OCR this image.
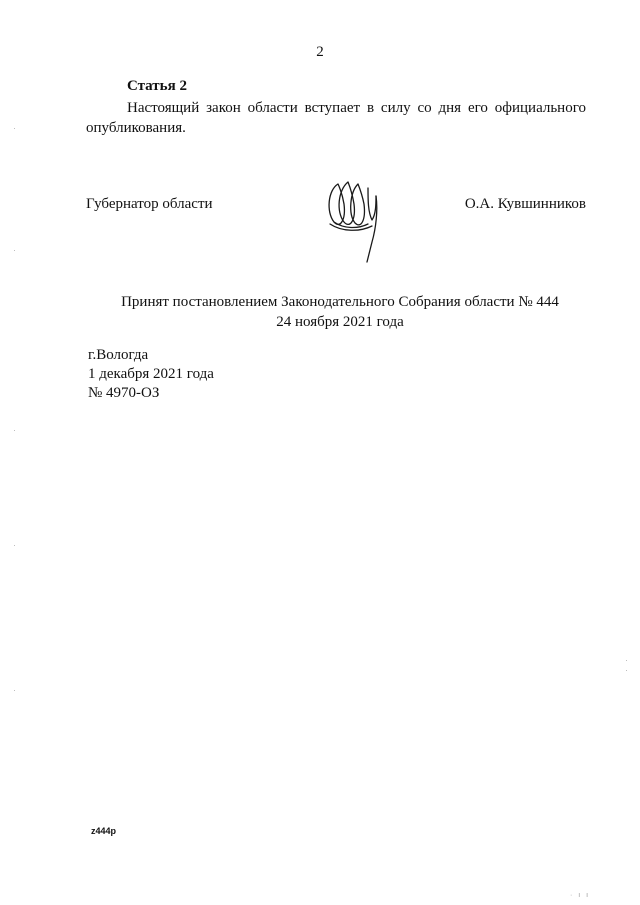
2
Статья 2

Настоящий закон области вступает в силу со дня его официального опубликования.

Губернатор области	О.А. Кувшинников
Принят постановлением Законодательного Собрания области № 444
24 ноября 2021 года
г.Вологда
1 декабря 2021 года
№ 4970-ОЗ
z444р
· ı ı
